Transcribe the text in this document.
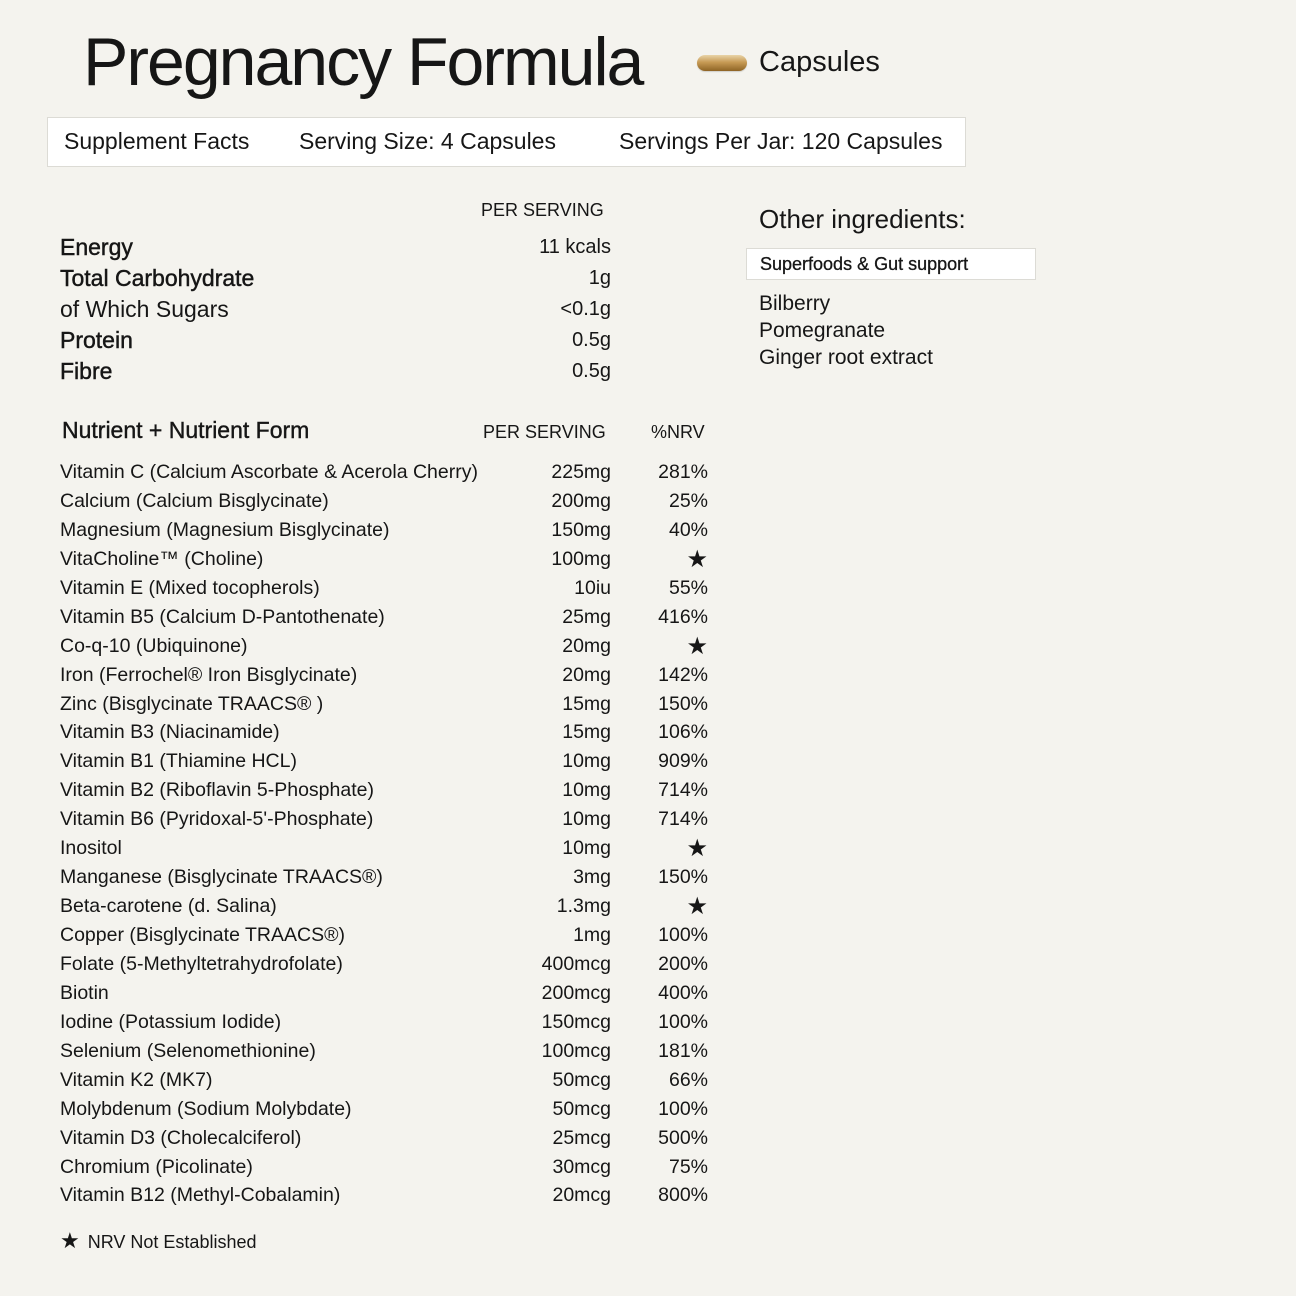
Pregnancy Formula	Capsules
Supplement Facts Serving Size: 4 Capsules	Servings Per Jar: 120 Capsules
PER SERVING
Energy	11 kcals
Total Carbohydrate	1g
of Which Sugars	<0.1g
Protein	0.5g
Fibre	0.5g
Nutrient + Nutrient Form	PER SERVING	%NRV
Vitamin C (Calcium Ascorbate & Acerola Cherry)	225mg 281%
Calcium (Calcium Bisglycinate)	200mg	25%
Magnesium (Magnesium Bisglycinate)	150mg	40%
VitaCholine™ (Choline)	100mg	★
Vitamin E (Mixed tocopherols)	10iu	55%
Vitamin B5 (Calcium D-Pantothenate)	25mg 416%
Co-q-10 (Ubiquinone)	20mg	★
Iron (Ferrochel® Iron Bisglycinate)	20mg 142%
Zinc (Bisglycinate TRAACS® )	15mg 150%
Vitamin B3 (Niacinamide)	15mg 106%
Vitamin B1 (Thiamine HCL)	10mg 909%
Vitamin B2 (Riboflavin 5-Phosphate)	10mg 714%
Vitamin B6 (Pyridoxal-5'-Phosphate)	10mg 714%
Inositol	10mg	★
Manganese (Bisglycinate TRAACS®)	3mg 150%
Beta-carotene (d. Salina)	1.3mg	★
Copper (Bisglycinate TRAACS®)	1mg 100%
Folate (5-Methyltetrahydrofolate)	400mcg 200%
Biotin	200mcg 400%
Iodine (Potassium Iodide)	150mcg 100%
Selenium (Selenomethionine)	100mcg 181%
Vitamin K2 (MK7)	50mcg	66%
Molybdenum (Sodium Molybdate)	50mcg 100%
Vitamin D3 (Cholecalciferol)	25mcg 500%
Chromium (Picolinate)	30mcg	75%
Vitamin B12 (Methyl-Cobalamin)	20mcg 800%
★ NRV Not Established
Other ingredients:
Superfoods & Gut support
Bilberry
Pomegranate
Ginger root extract
